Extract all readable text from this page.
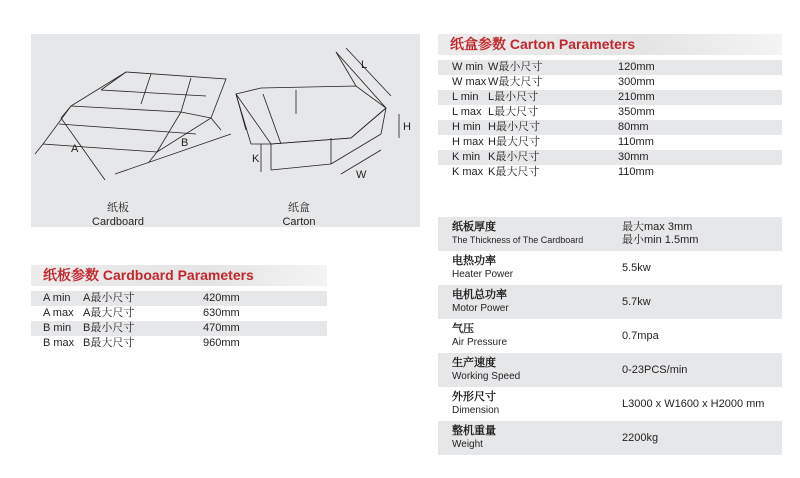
A	B
L
H
K
W
纸板
Cardboard
纸盒
Carton
纸盒参数 Carton Parameters
	W min	W最小尺寸	120mm
	W max	W最大尺寸	300mm
	L min	L最小尺寸	210mm
	L max	L最大尺寸	350mm
	H min	H最小尺寸	80mm
	H max	H最大尺寸	110mm
	K min	K最小尺寸	30mm
	K max	K最大尺寸	110mm
纸板参数 Cardboard Parameters
	A min	A最小尺寸	420mm
	A max	A最大尺寸	630mm
	B min	B最小尺寸	470mm
	B max	B最大尺寸	960mm
纸板厚度
The Thickness of The Cardboard	最大max 3mm
最小min 1.5mm

电热功率
Heater Power	5.5kw

电机总功率
Motor Power	5.7kw

气压
Air Pressure	0.7mpa

生产速度
Working Speed	0-23PCS/min

外形尺寸
Dimension	L3000 x W1600 x H2000 mm

整机重量
Weight	2200kg
